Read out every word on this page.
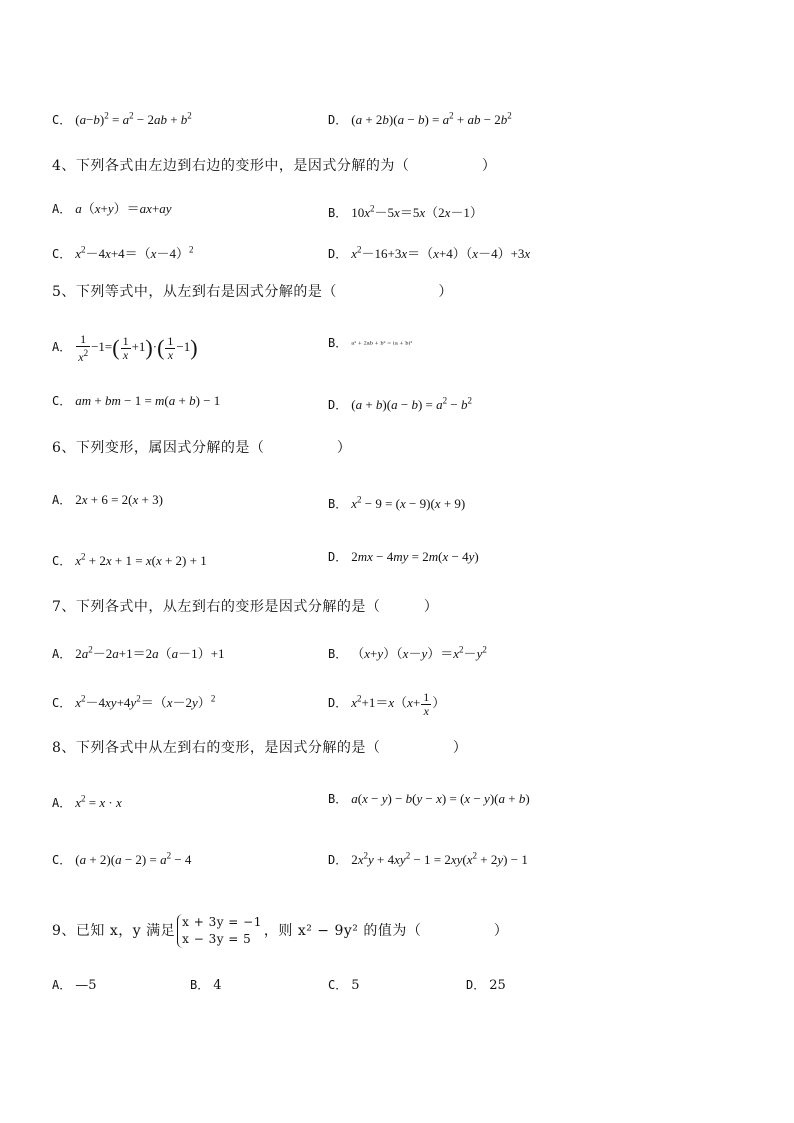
C． $(a-b)^2 = a^2 - 2ab + b^2$	D． $(a + 2b)(a - b) = a^2$ + ab − $2b^2$
4、下列各式由左边到右边的变形中，是因式分解的为（　　　　　）
A． a（x+y）＝ax+ay	B． $10x^2-5x=5x(2x-1)$
C． $x^2-4x+4=(x-4)^2$	D． $x^2-16+3x=(x+4)(x-4)+3x$
5、下列等式中，从左到右是因式分解的是（　　　　　　　）
A． $\frac{1}{x^2} -1=( \frac{1}{x} +1)\cdot( \frac{1}{x} -1)$	B． a² + 2ab + b² = (a + b)²
C． am + bm − 1 = m(a + b) − 1	D． $(a + b)(a - b) = a^2 - b^2$
6、下列变形，属因式分解的是（　　　　　）
A． 2x + 6 = 2(x + 3)	B． $x^2 - 9 = (x - 9)(x + 9)$
C． $x^2 + 2x + 1 = x(x + 2) + 1$	D． 2mx − 4my = 2m(x − 4y)
7、下列各式中，从左到右的变形是因式分解的是（　　　）
A． $2a^2-2a+1=2a(a-1)+1$	B． $(x+y)(x-y)=x^2-y^2$
C． $x^2-4xy+4y^2=(x-2y)^2$	D． $x^2+1=x(x+ \frac{1}{x}$ ）
8、下列各式中从左到右的变形，是因式分解的是（　　　　　）
A． $x^2 = x \cdot x$	B． a(x − y) − b(y − x) = (x − y)(a + b)
C． $(a + 2)(a - 2) = a^2 - 4$	D． $2x^2y + 4xy^2 - 1 = 2xy(x^2 + 2y) - 1$
9、已知 x，y 满足
x + 3y = −1
x − 3y = 5 ，则 x² − 9y² 的值为（　　　　　）
A． —5	B． 4	C． 5	D． 25
